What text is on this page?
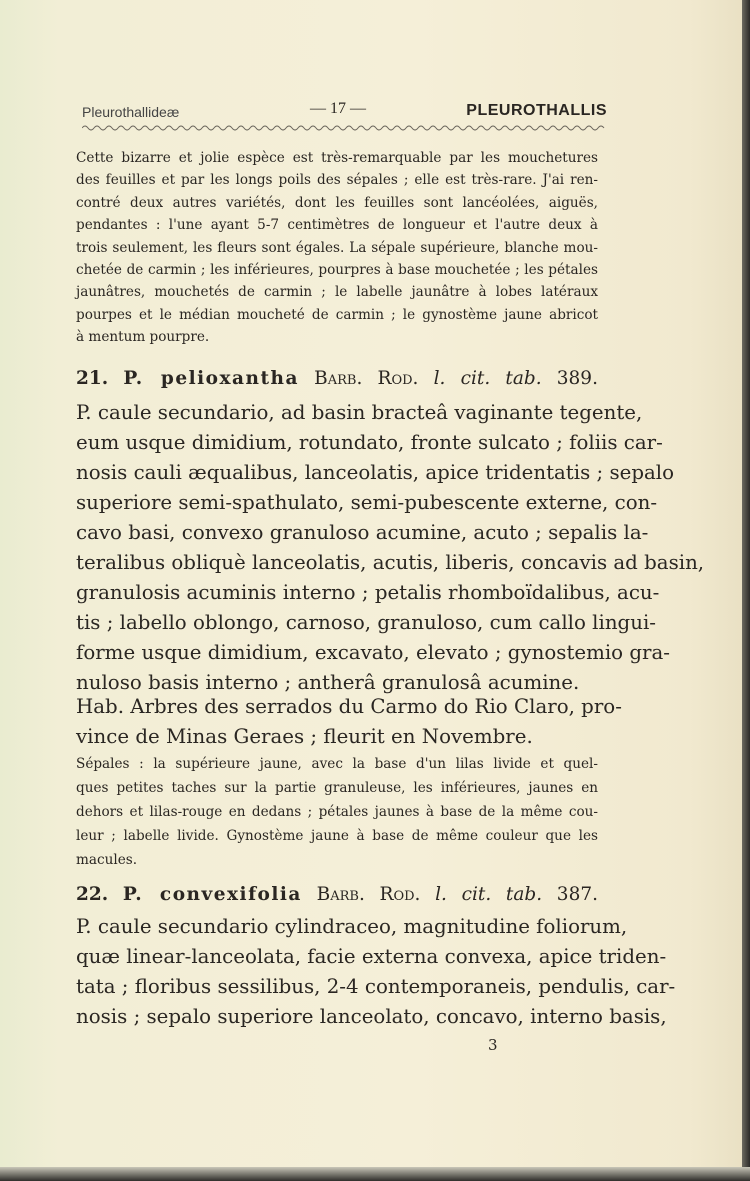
Pleurothallideæ	— 17 —	PLEUROTHALLIS
Cette bizarre et jolie espèce est très-remarquable par les mouchetures
des feuilles et par les longs poils des sépales ; elle est très-rare. J'ai ren-
contré deux autres variétés, dont les feuilles sont lancéolées, aiguës,
pendantes : l'une ayant 5-7 centimètres de longueur et l'autre deux à
trois seulement, les fleurs sont égales. La sépale supérieure, blanche mou-
chetée de carmin ; les inférieures, pourpres à base mouchetée ; les pétales
jaunâtres, mouchetés de carmin ; le labelle jaunâtre à lobes latéraux
pourpes et le médian moucheté de carmin ; le gynostème jaune abricot
à mentum pourpre.
21. P. pelioxantha Barb. Rod. l. cit. tab. 389.
P. caule secundario, ad basin bracteâ vaginante tegente,
eum usque dimidium, rotundato, fronte sulcato ; foliis car-
nosis cauli æqualibus, lanceolatis, apice tridentatis ; sepalo
superiore semi-spathulato, semi-pubescente externe, con-
cavo basi, convexo granuloso acumine, acuto ; sepalis la-
teralibus obliquè lanceolatis, acutis, liberis, concavis ad basin,
granulosis acuminis interno ; petalis rhomboïdalibus, acu-
tis ; labello oblongo, carnoso, granuloso, cum callo lingui-
forme usque dimidium, excavato, elevato ; gynostemio gra-
nuloso basis interno ; antherâ granulosâ acumine.
Hab. Arbres des serrados du Carmo do Rio Claro, pro-
vince de Minas Geraes ; fleurit en Novembre.
Sépales : la supérieure jaune, avec la base d'un lilas livide et quel-
ques petites taches sur la partie granuleuse, les inférieures, jaunes en
dehors et lilas-rouge en dedans ; pétales jaunes à base de la même cou-
leur ; labelle livide. Gynostème jaune à base de même couleur que les
macules.
22. P. convexifolia Barb. Rod. l. cit. tab. 387.
P. caule secundario cylindraceo, magnitudine foliorum,
quæ linear-lanceolata, facie externa convexa, apice triden-
tata ; floribus sessilibus, 2-4 contemporaneis, pendulis, car-
nosis ; sepalo superiore lanceolato, concavo, interno basis,
3
